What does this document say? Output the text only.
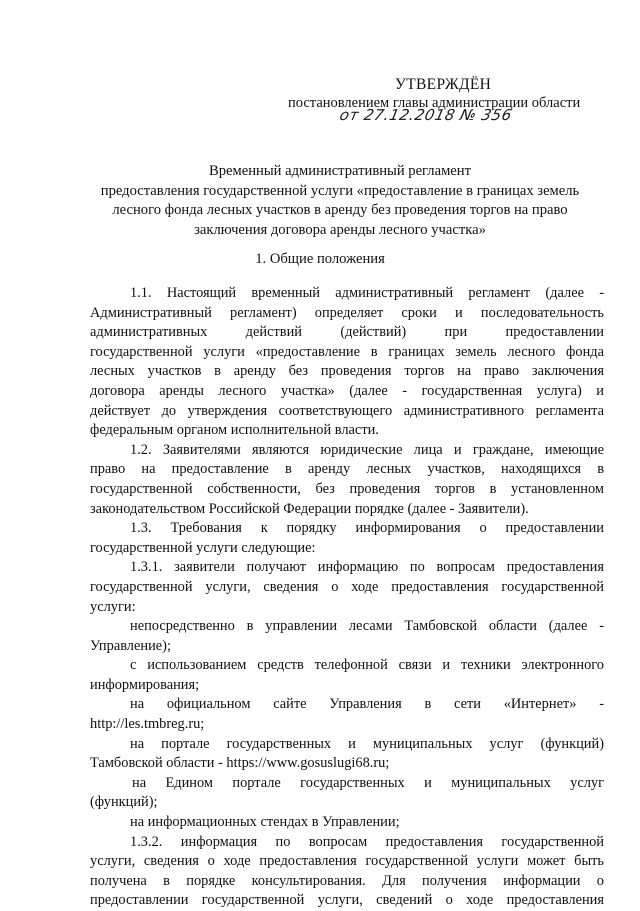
УТВЕРЖДЁН
постановлением главы администрации области
от 27.12.2018 № 356
Временный административный регламент
предоставления государственной услуги «предоставление в границах земель
лесного фонда лесных участков в аренду без проведения торгов на право
заключения договора аренды лесного участка»
1. Общие положения
1.1. Настоящий временный административный регламент (далее -
Административный регламент) определяет сроки и последовательность
административных действий (действий) при предоставлении
государственной услуги «предоставление в границах земель лесного фонда
лесных участков в аренду без проведения торгов на право заключения
договора аренды лесного участка» (далее - государственная услуга) и
действует до утверждения соответствующего административного регламента
федеральным органом исполнительной власти.
1.2. Заявителями являются юридические лица и граждане, имеющие
право на предоставление в аренду лесных участков, находящихся в
государственной собственности, без проведения торгов в установленном
законодательством Российской Федерации порядке (далее - Заявители).
1.3. Требования к порядку информирования о предоставлении
государственной услуги следующие:
1.3.1. заявители получают информацию по вопросам предоставления
государственной услуги, сведения о ходе предоставления государственной
услуги:
непосредственно в управлении лесами Тамбовской области (далее -
Управление);
с использованием средств телефонной связи и техники электронного
информирования;
на официальном сайте Управления в сети «Интернет» -
http://les.tmbreg.ru;
на портале государственных и муниципальных услуг (функций)
Тамбовской области - https://www.gosuslugi68.ru;
на Едином портале государственных и муниципальных услуг
(функций);
на информационных стендах в Управлении;
1.3.2. информация по вопросам предоставления государственной
услуги, сведения о ходе предоставления государственной услуги может быть
получена в порядке консультирования. Для получения информации о
предоставлении государственной услуги, сведений о ходе предоставления
